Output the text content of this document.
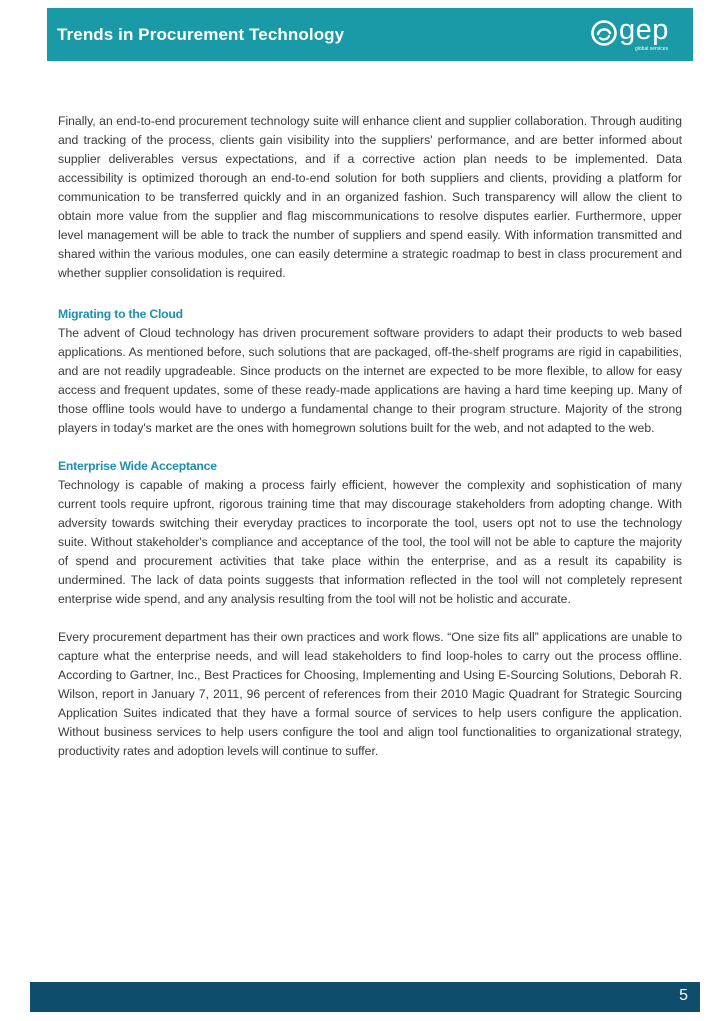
Trends in Procurement Technology	gep
global services

Finally, an end-to-end procurement technology suite will enhance client and supplier collaboration. Through auditing and tracking of the process, clients gain visibility into the suppliers' performance, and are better informed about supplier deliverables versus expectations, and if a corrective action plan needs to be implemented. Data accessibility is optimized thorough an end-to-end solution for both suppliers and clients, providing a platform for communication to be transferred quickly and in an organized fashion. Such transparency will allow the client to obtain more value from the supplier and flag miscommunications to resolve disputes earlier. Furthermore, upper level management will be able to track the number of suppliers and spend easily. With information transmitted and shared within the various modules, one can easily determine a strategic roadmap to best in class procurement and whether supplier consolidation is required.

Migrating to the Cloud

The advent of Cloud technology has driven procurement software providers to adapt their products to web based applications. As mentioned before, such solutions that are packaged, off-the-shelf programs are rigid in capabilities, and are not readily upgradeable. Since products on the internet are expected to be more flexible, to allow for easy access and frequent updates, some of these ready-made applications are having a hard time keeping up. Many of those offline tools would have to undergo a fundamental change to their program structure. Majority of the strong players in today's market are the ones with homegrown solutions built for the web, and not adapted to the web.

Enterprise Wide Acceptance

Technology is capable of making a process fairly efficient, however the complexity and sophistication of many current tools require upfront, rigorous training time that may discourage stakeholders from adopting change. With adversity towards switching their everyday practices to incorporate the tool, users opt not to use the technology suite. Without stakeholder's compliance and acceptance of the tool, the tool will not be able to capture the majority of spend and procurement activities that take place within the enterprise, and as a result its capability is undermined. The lack of data points suggests that information reflected in the tool will not completely represent enterprise wide spend, and any analysis resulting from the tool will not be holistic and accurate.

Every procurement department has their own practices and work flows. “One size fits all” applications are unable to capture what the enterprise needs, and will lead stakeholders to find loop-holes to carry out the process offline. According to Gartner, Inc., Best Practices for Choosing, Implementing and Using E-Sourcing Solutions, Deborah R. Wilson, report in January 7, 2011, 96 percent of references from their 2010 Magic Quadrant for Strategic Sourcing Application Suites indicated that they have a formal source of services to help users configure the application. Without business services to help users configure the tool and align tool functionalities to organizational strategy, productivity rates and adoption levels will continue to suffer.

5
